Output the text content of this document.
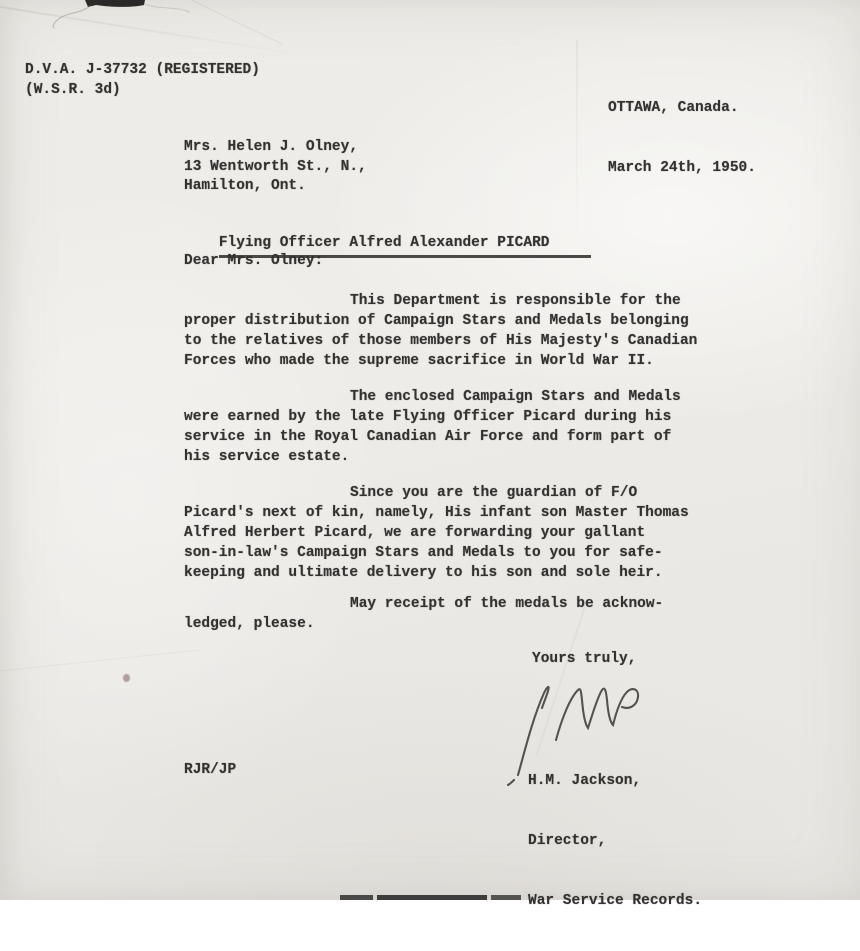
D.V.A. J-37732 (REGISTERED)
(W.S.R. 3d)

OTTAWA, Canada.

March 24th, 1950.

Mrs. Helen J. Olney,
13 Wentworth St., N.,
Hamilton, Ont.

Flying Officer Alfred Alexander PICARD

Dear Mrs. Olney:
This Department is responsible for the
proper distribution of Campaign Stars and Medals belonging
to the relatives of those members of His Majesty's Canadian
Forces who made the supreme sacrifice in World War II.
The enclosed Campaign Stars and Medals
were earned by the late Flying Officer Picard during his
service in the Royal Canadian Air Force and form part of
his service estate.
Since you are the guardian of F/O
Picard's next of kin, namely, His infant son Master Thomas
Alfred Herbert Picard, we are forwarding your gallant
son-in-law's Campaign Stars and Medals to you for safe-
keeping and ultimate delivery to his son and sole heir.
May receipt of the medals be acknow-
ledged, please.
Yours truly,

H.M. Jackson,

Director,

War Service Records.

RJR/JP
